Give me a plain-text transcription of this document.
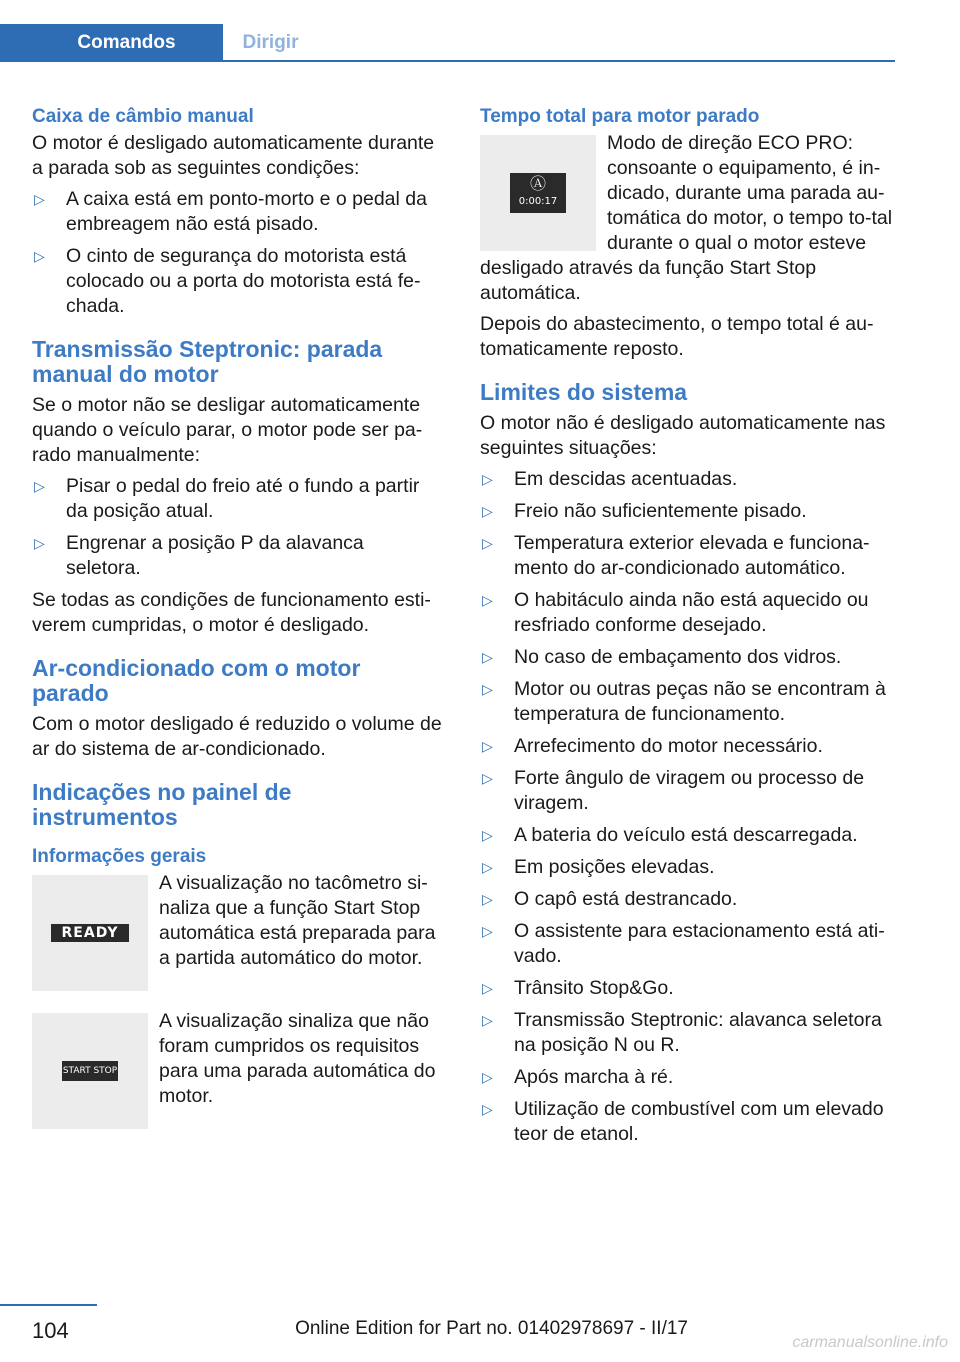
Comandos	Dirigir
Caixa de câmbio manual

O motor é desligado automaticamente durante a parada sob as seguintes condições:

▷ A caixa está em ponto-morto e o pedal da embreagem não está pisado.
▷ O cinto de segurança do motorista está colocado ou a porta do motorista está fe-chada.
Transmissão Steptronic: parada manual do motor

Se o motor não se desligar automaticamente quando o veículo parar, o motor pode ser pa-rado manualmente:

▷ Pisar o pedal do freio até o fundo a partir da posição atual.
▷ Engrenar a posição P da alavanca seletora.

Se todas as condições de funcionamento esti-verem cumpridas, o motor é desligado.

Ar-condicionado com o motor parado

Com o motor desligado é reduzido o volume de ar do sistema de ar-condicionado.

Indicações no painel de instrumentos
Informações gerais
READY

A visualização no tacômetro si-naliza que a função Start Stop automática está preparada para a partida automático do motor.

START STOP

A visualização sinaliza que não foram cumpridos os requisitos para uma parada automática do motor.

Tempo total para motor parado
Ⓐ
0:00:17

Modo de direção ECO PRO: consoante o equipamento, é in-dicado, durante uma parada au-tomática do motor, o tempo to-tal durante o qual o motor esteve desligado através da função Start Stop automática.

Depois do abastecimento, o tempo total é au-tomaticamente reposto.

Limites do sistema

O motor não é desligado automaticamente nas seguintes situações:

▷ Em descidas acentuadas.
▷ Freio não suficientemente pisado.
▷ Temperatura exterior elevada e funciona-mento do ar-condicionado automático.
▷ O habitáculo ainda não está aquecido ou resfriado conforme desejado.
▷ No caso de embaçamento dos vidros.
▷ Motor ou outras peças não se encontram à temperatura de funcionamento.
▷ Arrefecimento do motor necessário.
▷ Forte ângulo de viragem ou processo de viragem.
▷ A bateria do veículo está descarregada.
▷ Em posições elevadas.
▷ O capô está destrancado.
▷ O assistente para estacionamento está ati-vado.
▷ Trânsito Stop&Go.
▷ Transmissão Steptronic: alavanca seletora na posição N ou R.
▷ Após marcha à ré.
▷ Utilização de combustível com um elevado teor de etanol.
104	Online Edition for Part no. 01402978697 - II/17
carmanualsonline.info
